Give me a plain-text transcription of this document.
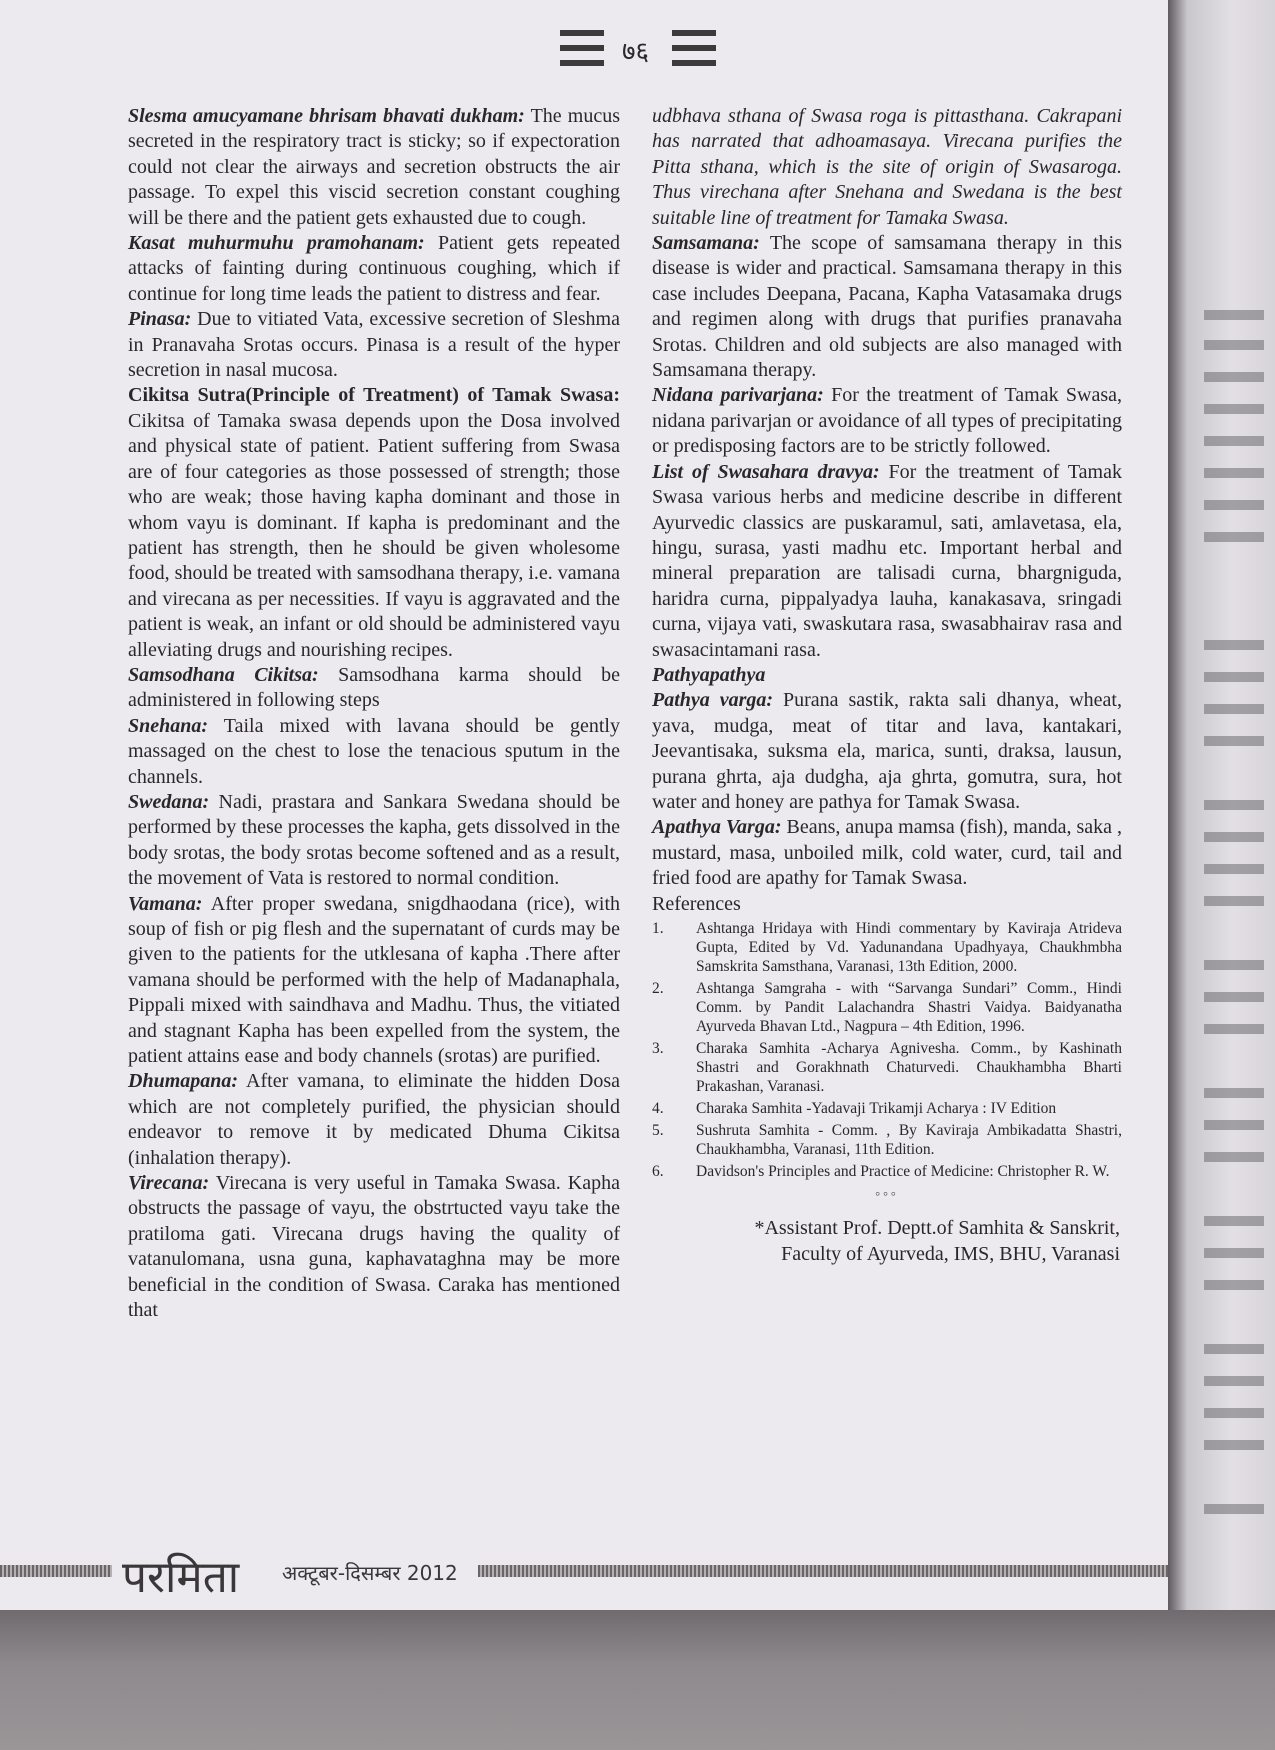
७६

Slesma amucyamane bhrisam bhavati dukham: The mucus secreted in the respiratory tract is sticky; so if expectoration could not clear the airways and secretion obstructs the air passage. To expel this viscid secretion constant coughing will be there and the patient gets exhausted due to cough.

Kasat muhurmuhu pramohanam: Patient gets repeated attacks of fainting during continuous coughing, which if continue for long time leads the patient to distress and fear.

Pinasa: Due to vitiated Vata, excessive secretion of Sleshma in Pranavaha Srotas occurs. Pinasa is a result of the hyper secretion in nasal mucosa.

Cikitsa Sutra(Principle of Treatment) of Tamak Swasa: Cikitsa of Tamaka swasa depends upon the Dosa involved and physical state of patient. Patient suffering from Swasa are of four categories as those possessed of strength; those who are weak; those having kapha dominant and those in whom vayu is dominant. If kapha is predominant and the patient has strength, then he should be given wholesome food, should be treated with samsodhana therapy, i.e. vamana and virecana as per necessities. If vayu is aggravated and the patient is weak, an infant or old should be administered vayu alleviating drugs and nourishing recipes.

Samsodhana Cikitsa: Samsodhana karma should be administered in following steps

Snehana: Taila mixed with lavana should be gently massaged on the chest to lose the tenacious sputum in the channels.

Swedana: Nadi, prastara and Sankara Swedana should be performed by these processes the kapha, gets dissolved in the body srotas, the body srotas become softened and as a result, the movement of Vata is restored to normal condition.

Vamana: After proper swedana, snigdhaodana (rice), with soup of fish or pig flesh and the supernatant of curds may be given to the patients for the utklesana of kapha .There after vamana should be performed with the help of Madanaphala, Pippali mixed with saindhava and Madhu. Thus, the vitiated and stagnant Kapha has been expelled from the system, the patient attains ease and body channels (srotas) are purified.

Dhumapana: After vamana, to eliminate the hidden Dosa which are not completely purified, the physician should endeavor to remove it by medicated Dhuma Cikitsa (inhalation therapy).

Virecana: Virecana is very useful in Tamaka Swasa. Kapha obstructs the passage of vayu, the obstrtucted vayu take the pratiloma gati. Virecana drugs having the quality of vatanulomana, usna guna, kaphavataghna may be more beneficial in the condition of Swasa. Caraka has mentioned that

udbhava sthana of Swasa roga is pittasthana. Cakrapani has narrated that adhoamasaya. Virecana purifies the Pitta sthana, which is the site of origin of Swasaroga. Thus virechana after Snehana and Swedana is the best suitable line of treatment for Tamaka Swasa.

Samsamana: The scope of samsamana therapy in this disease is wider and practical. Samsamana therapy in this case includes Deepana, Pacana, Kapha Vatasamaka drugs and regimen along with drugs that purifies pranavaha Srotas. Children and old subjects are also managed with Samsamana therapy.

Nidana parivarjana: For the treatment of Tamak Swasa, nidana parivarjan or avoidance of all types of precipitating or predisposing factors are to be strictly followed.

List of Swasahara dravya: For the treatment of Tamak Swasa various herbs and medicine describe in different Ayurvedic classics are puskaramul, sati, amlavetasa, ela, hingu, surasa, yasti madhu etc. Important herbal and mineral preparation are talisadi curna, bhargniguda, haridra curna, pippalyadya lauha, kanakasava, sringadi curna, vijaya vati, swaskutara rasa, swasabhairav rasa and swasacintamani rasa.

Pathyapathya

Pathya varga: Purana sastik, rakta sali dhanya, wheat, yava, mudga, meat of titar and lava, kantakari, Jeevantisaka, suksma ela, marica, sunti, draksa, lausun, purana ghrta, aja dudgha, aja ghrta, gomutra, sura, hot water and honey are pathya for Tamak Swasa.

Apathya Varga: Beans, anupa mamsa (fish), manda, saka , mustard, masa, unboiled milk, cold water, curd, tail and fried food are apathy for Tamak Swasa.

References

1.	Ashtanga Hridaya with Hindi commentary by Kaviraja Atrideva Gupta, Edited by Vd. Yadunandana Upadhyaya, Chaukhmbha Samskrita Samsthana, Varanasi, 13th Edition, 2000.
2.	Ashtanga Samgraha - with “Sarvanga Sundari” Comm., Hindi Comm. by Pandit Lalachandra Shastri Vaidya. Baidyanatha Ayurveda Bhavan Ltd., Nagpura – 4th Edition, 1996.
3.	Charaka Samhita -Acharya Agnivesha. Comm., by Kashinath Shastri and Gorakhnath Chaturvedi. Chaukhambha Bharti Prakashan, Varanasi.
4.	Charaka Samhita -Yadavaji Trikamji Acharya : IV Edition
5.	Sushruta Samhita - Comm. , By Kaviraja Ambikadatta Shastri, Chaukhambha, Varanasi, 11th Edition.
6.	Davidson's Principles and Practice of Medicine: Christopher R. W.
°°°
*Assistant Prof. Deptt.of Samhita & Sanskrit,
Faculty of Ayurveda, IMS, BHU, Varanasi
परमिता अक्टूबर-दिसम्बर 2012
